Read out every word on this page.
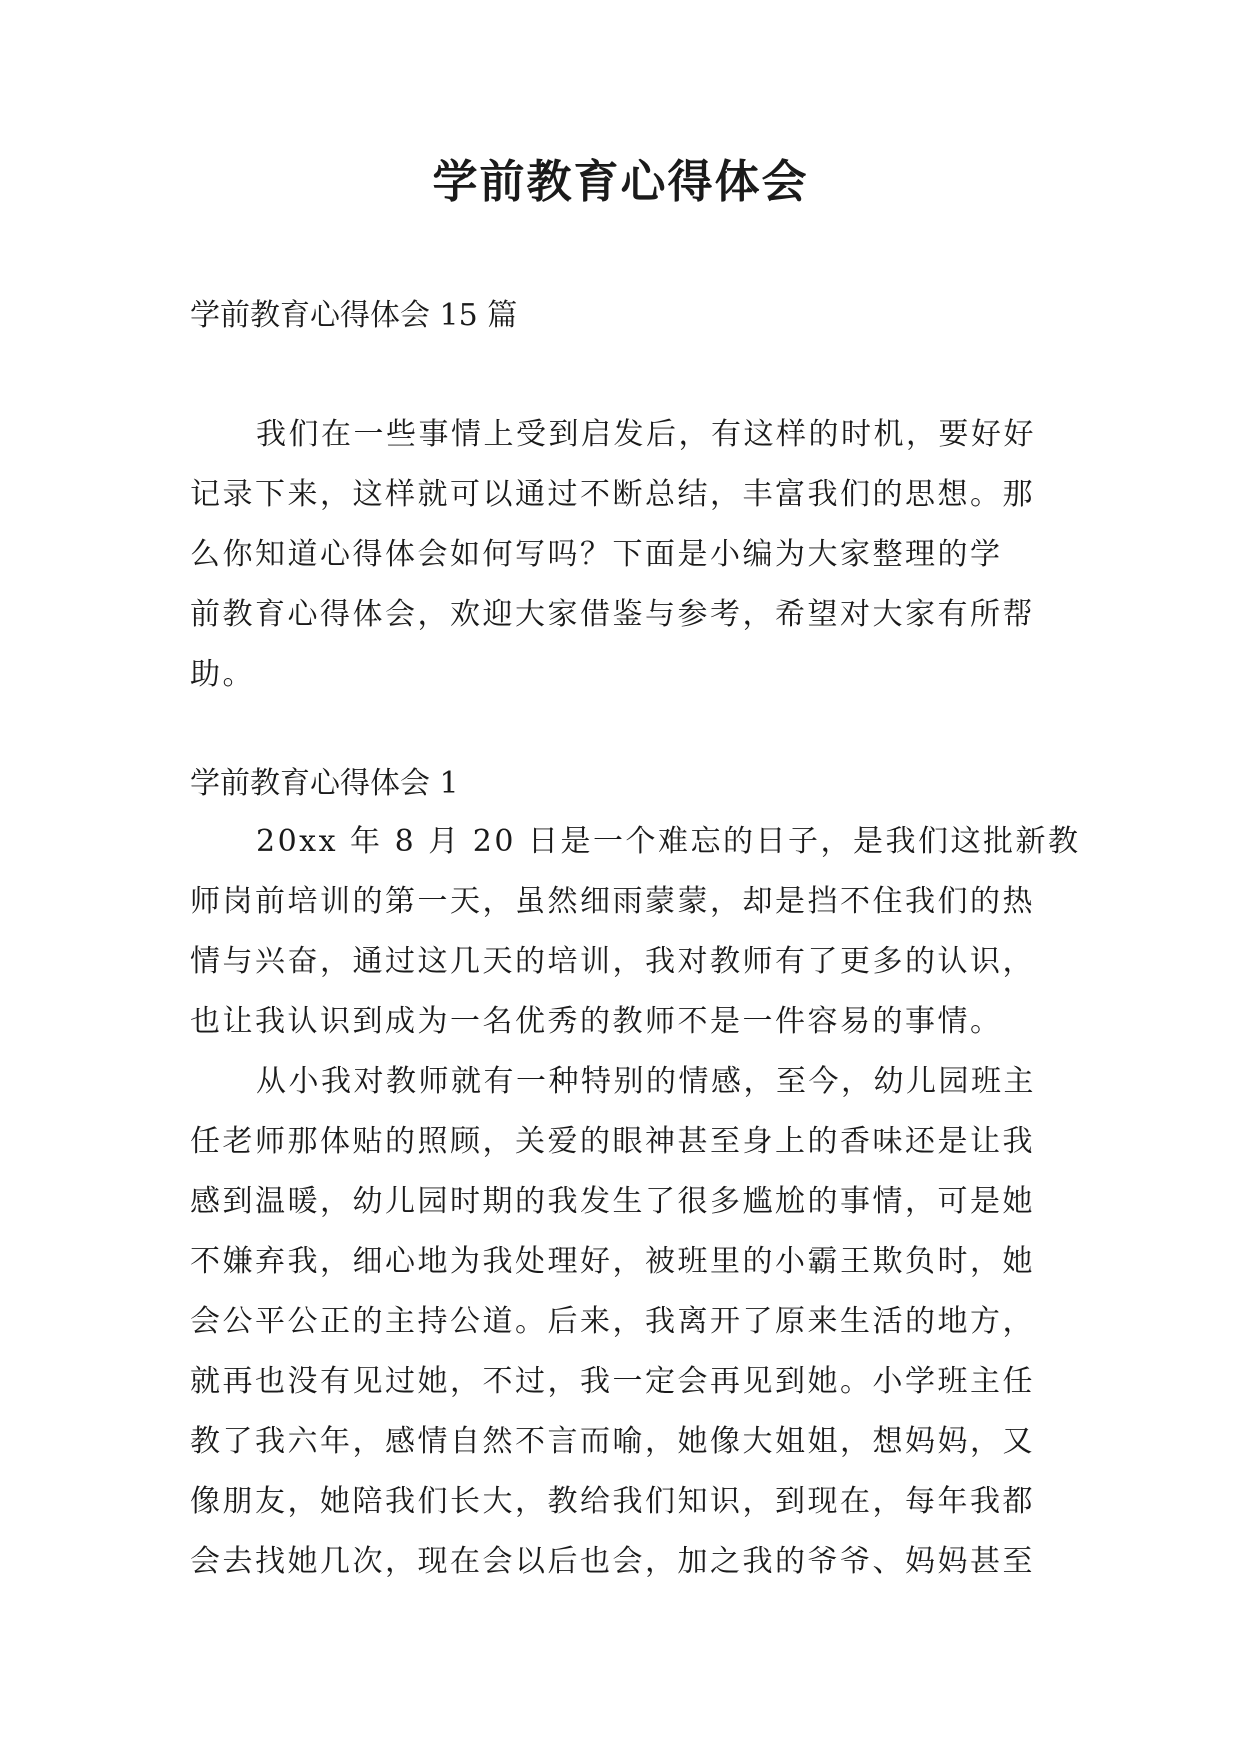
学前教育心得体会

学前教育心得体会 15 篇

我们在一些事情上受到启发后，有这样的时机，要好好
记录下来，这样就可以通过不断总结，丰富我们的思想。那
么你知道心得体会如何写吗？下面是小编为大家整理的学
前教育心得体会，欢迎大家借鉴与参考，希望对大家有所帮
助。

学前教育心得体会 1

20xx 年 8 月 20 日是一个难忘的日子，是我们这批新教
师岗前培训的第一天，虽然细雨蒙蒙，却是挡不住我们的热
情与兴奋，通过这几天的培训，我对教师有了更多的认识，
也让我认识到成为一名优秀的教师不是一件容易的事情。
从小我对教师就有一种特别的情感，至今，幼儿园班主
任老师那体贴的照顾，关爱的眼神甚至身上的香味还是让我
感到温暖，幼儿园时期的我发生了很多尴尬的事情，可是她
不嫌弃我，细心地为我处理好，被班里的小霸王欺负时，她
会公平公正的主持公道。后来，我离开了原来生活的地方，
就再也没有见过她，不过，我一定会再见到她。小学班主任
教了我六年，感情自然不言而喻，她像大姐姐，想妈妈，又
像朋友，她陪我们长大，教给我们知识，到现在，每年我都
会去找她几次，现在会以后也会，加之我的爷爷、妈妈甚至
